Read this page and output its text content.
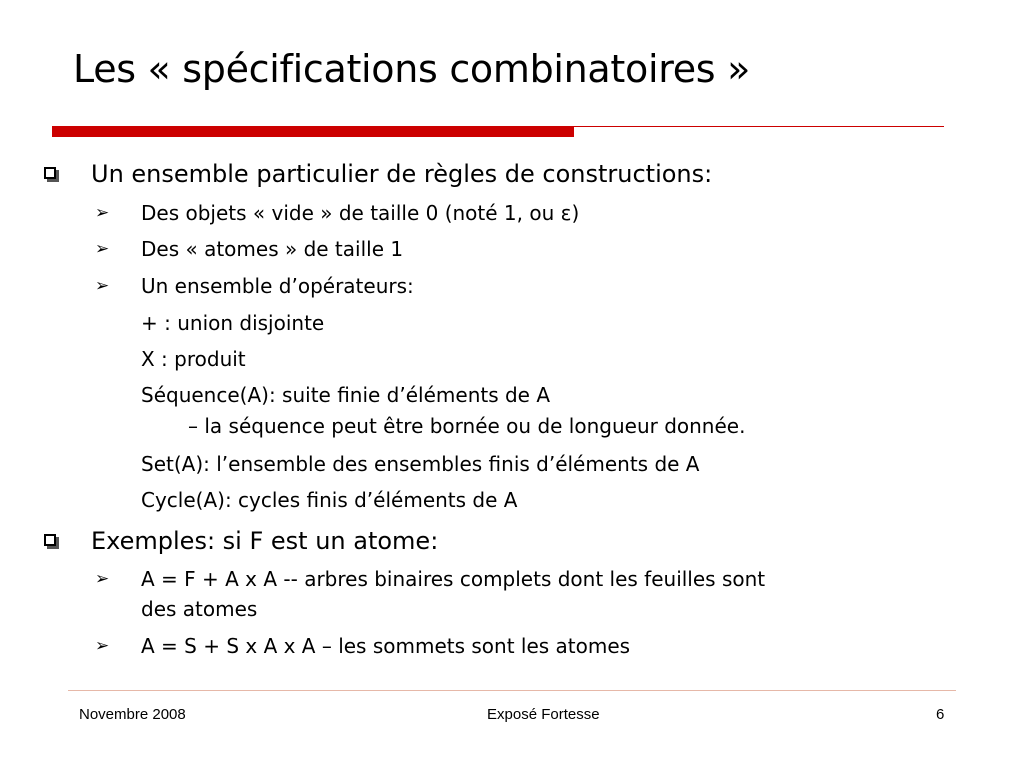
Les « spécifications combinatoires »
Un ensemble particulier de règles de constructions:
➢ Des objets « vide » de taille 0 (noté 1, ou ε)
➢ Des « atomes » de taille 1
➢ Un ensemble d’opérateurs:
+ : union disjointe
X : produit
Séquence(A): suite finie d’éléments de A
– la séquence peut être bornée ou de longueur donnée.
Set(A): l’ensemble des ensembles finis d’éléments de A
Cycle(A): cycles finis d’éléments de A
Exemples: si F est un atome:
➢ A = F + A x A -- arbres binaires complets dont les feuilles sont
des atomes
➢ A = S + S x A x A – les sommets sont les atomes
Novembre 2008	Exposé Fortesse	6
